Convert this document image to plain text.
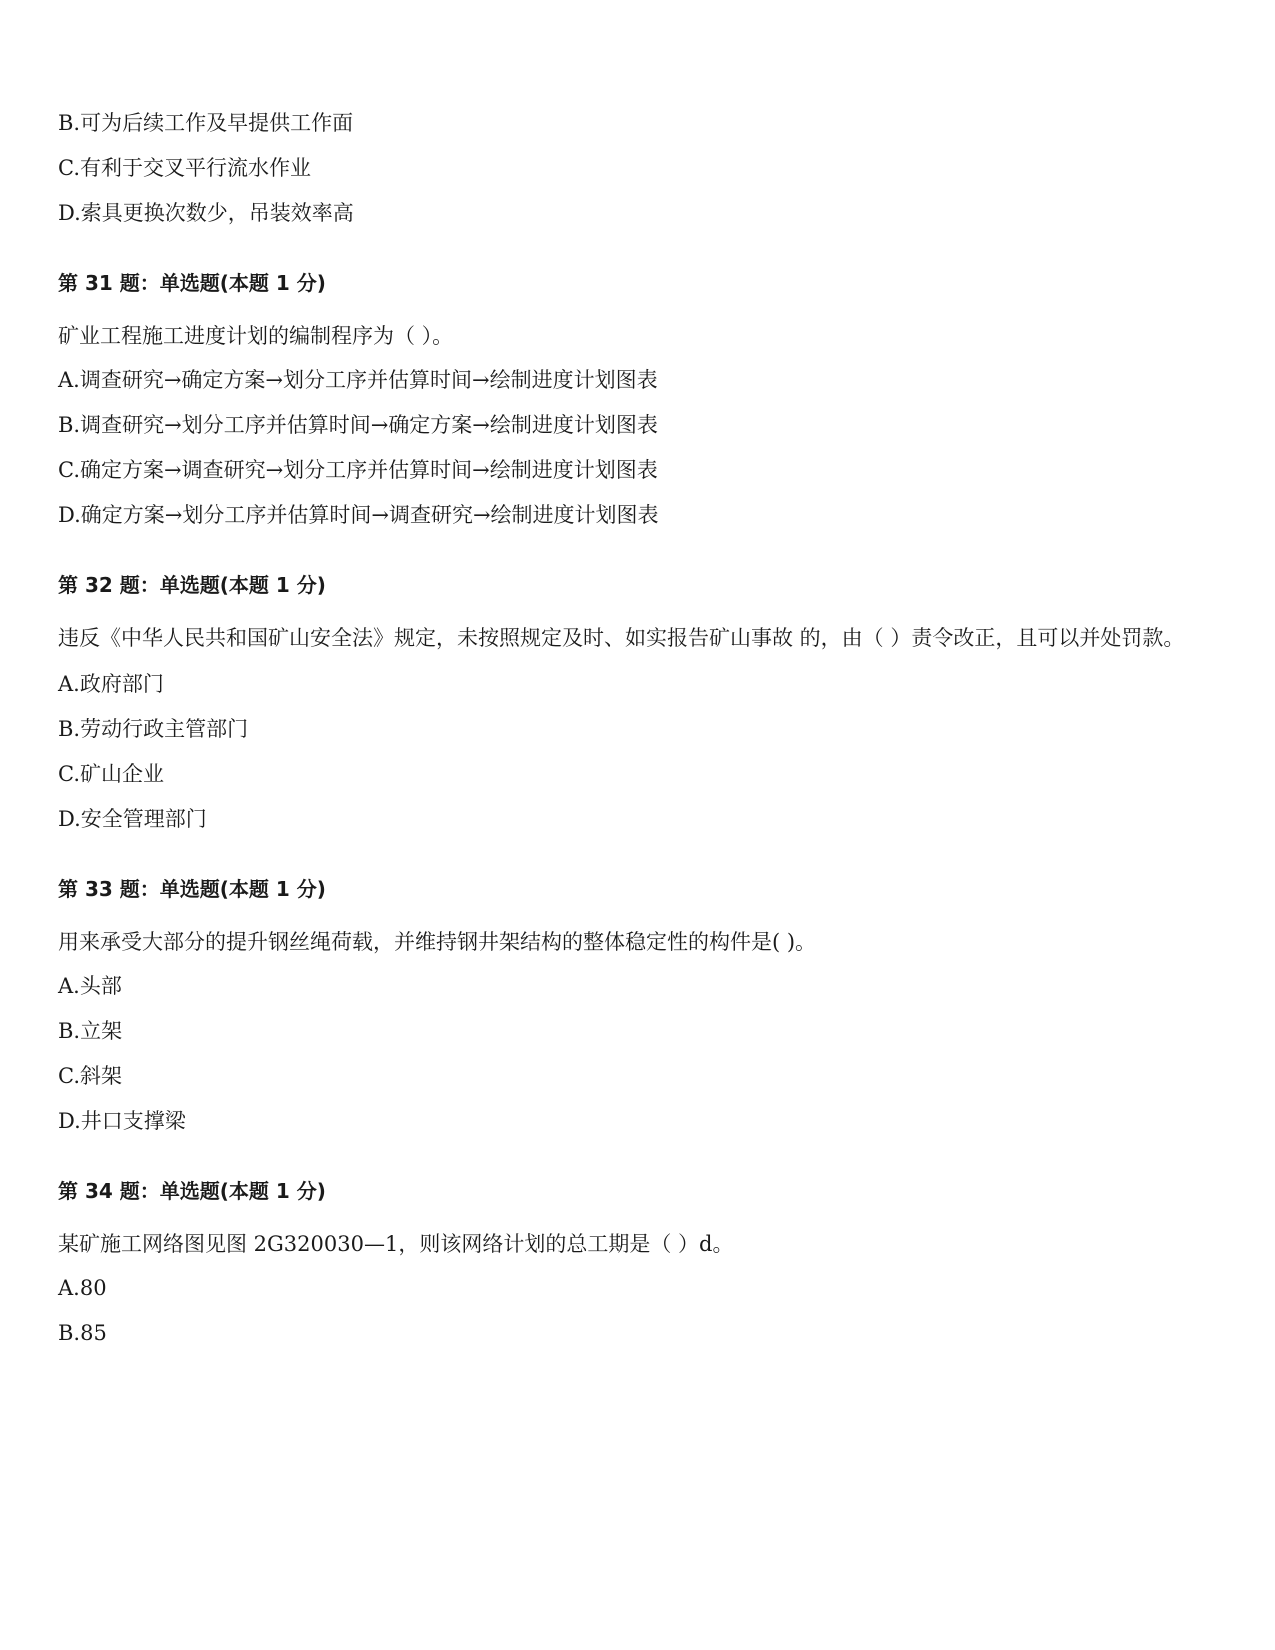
B.可为后续工作及早提供工作面
C.有利于交叉平行流水作业
D.索具更换次数少，吊装效率高
第 31 题：单选题(本题 1 分)
矿业工程施工进度计划的编制程序为（ ）。
A.调查研究→确定方案→划分工序并估算时间→绘制进度计划图表
B.调查研究→划分工序并估算时间→确定方案→绘制进度计划图表
C.确定方案→调查研究→划分工序并估算时间→绘制进度计划图表
D.确定方案→划分工序并估算时间→调查研究→绘制进度计划图表
第 32 题：单选题(本题 1 分)
违反《中华人民共和国矿山安全法》规定，未按照规定及时、如实报告矿山事故 的，由（ ）责令改正，且可以并处罚款。
A.政府部门
B.劳动行政主管部门
C.矿山企业
D.安全管理部门
第 33 题：单选题(本题 1 分)
用来承受大部分的提升钢丝绳荷载，并维持钢井架结构的整体稳定性的构件是( )。
A.头部
B.立架
C.斜架
D.井口支撑梁
第 34 题：单选题(本题 1 分)
某矿施工网络图见图 2G320030—1，则该网络计划的总工期是（ ）d。
A.80
B.85
